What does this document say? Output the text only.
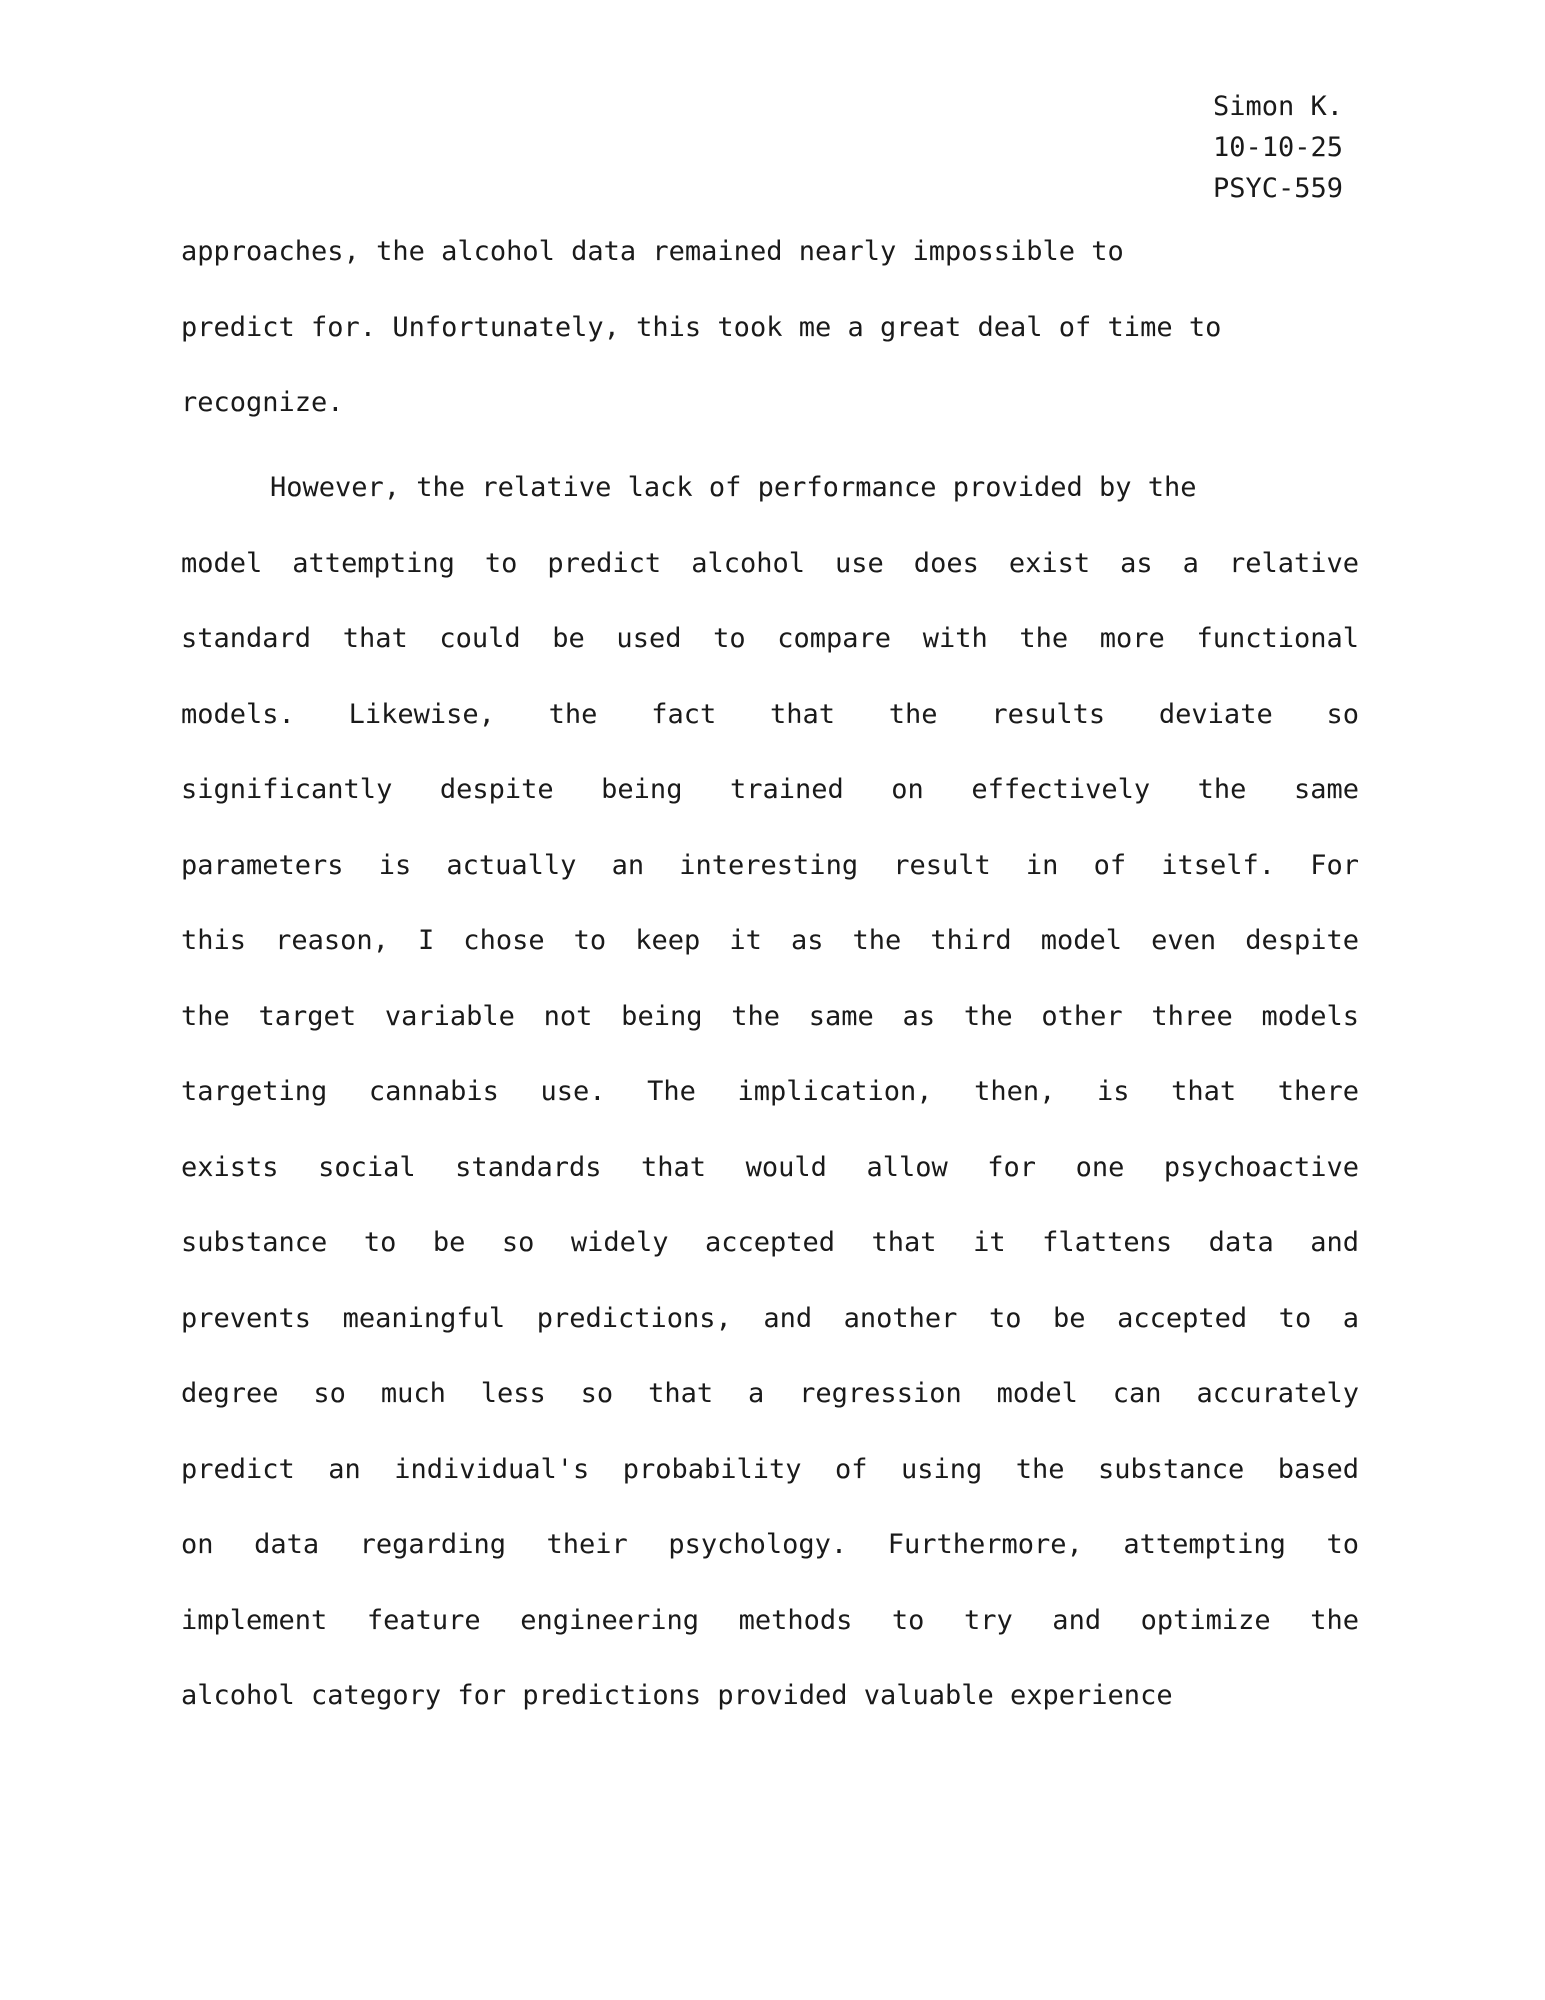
Simon K.
10-10-25
PSYC-559
approaches, the alcohol data remained nearly impossible to
predict for. Unfortunately, this took me a great deal of time to
recognize.
However, the relative lack of performance provided by the
model attempting to predict alcohol use does exist as a relative
standard that could be used to compare with the more functional
models. Likewise, the fact that the results deviate so
significantly despite being trained on effectively the same
parameters is actually an interesting result in of itself. For
this reason, I chose to keep it as the third model even despite
the target variable not being the same as the other three models
targeting cannabis use. The implication, then, is that there
exists social standards that would allow for one psychoactive
substance to be so widely accepted that it flattens data and
prevents meaningful predictions, and another to be accepted to a
degree so much less so that a regression model can accurately
predict an individual's probability of using the substance based
on data regarding their psychology. Furthermore, attempting to
implement feature engineering methods to try and optimize the
alcohol category for predictions provided valuable experience
